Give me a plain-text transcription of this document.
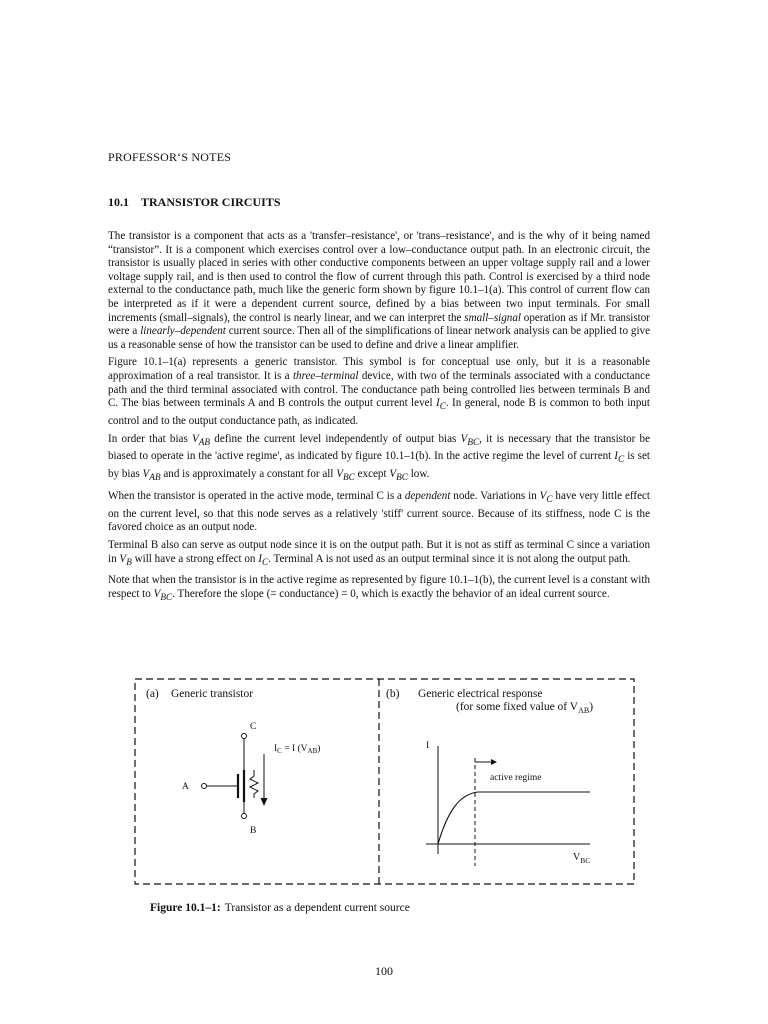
PROFESSOR‘S NOTES
10.1 TRANSISTOR CIRCUITS

The transistor is a component that acts as a 'transfer–resistance', or 'trans–resistance', and is the why of it being named “transistor”. It is a component which exercises control over a low–conductance output path. In an electronic circuit, the transistor is usually placed in series with other conductive components between an upper voltage supply rail and a lower voltage supply rail, and is then used to control the flow of current through this path. Control is exercised by a third node external to the conductance path, much like the generic form shown by figure 10.1–1(a). This control of current flow can be interpreted as if it were a dependent current source, defined by a bias between two input terminals. For small increments (small–signals), the control is nearly linear, and we can interpret the small–signal operation as if Mr. transistor were a linearly–dependent current source. Then all of the simplifications of linear network analysis can be applied to give us a reasonable sense of how the transistor can be used to define and drive a linear amplifier.

Figure 10.1–1(a) represents a generic transistor. This symbol is for conceptual use only, but it is a reasonable approximation of a real transistor. It is a three–terminal device, with two of the terminals associated with a conductance path and the third terminal associated with control. The conductance path being controlled lies between terminals B and C. The bias between terminals A and B controls the output current level $I_C$. In general, node B is common to both input control and to the output conductance path, as indicated.

In order that bias $V_{AB}$ define the current level independently of output bias $V_{BC}$, it is necessary that the transistor be biased to operate in the 'active regime', as indicated by figure 10.1–1(b). In the active regime the level of current $I_C$ is set by bias $V_{AB}$ and is approximately a constant for all $V_{BC}$ except $V_{BC}$ low.

When the transistor is operated in the active mode, terminal C is a dependent node. Variations in $V_C$ have very little effect on the current level, so that this node serves as a relatively 'stiff' current source. Because of its stiffness, node C is the favored choice as an output node.

Terminal B also can serve as output node since it is on the output path. But it is not as stiff as terminal C since a variation in $V_B$ will have a strong effect on $I_C$. Terminal A is not used as an output terminal since it is not along the output path.

Note that when the transistor is in the active regime as represented by figure 10.1–1(b), the current level is a constant with respect to $V_{BC}$. Therefore the slope (= conductance) = 0, which is exactly the behavior of an ideal current source.

(a) Generic transistor
C
B
A
$I_C = I$ $(V_{AB})$
(b) Generic electrical response
(for some fixed value of $V_{AB}$)
I
$V_{BC}$
active regime
Figure 10.1–1: Transistor as a dependent current source
100
